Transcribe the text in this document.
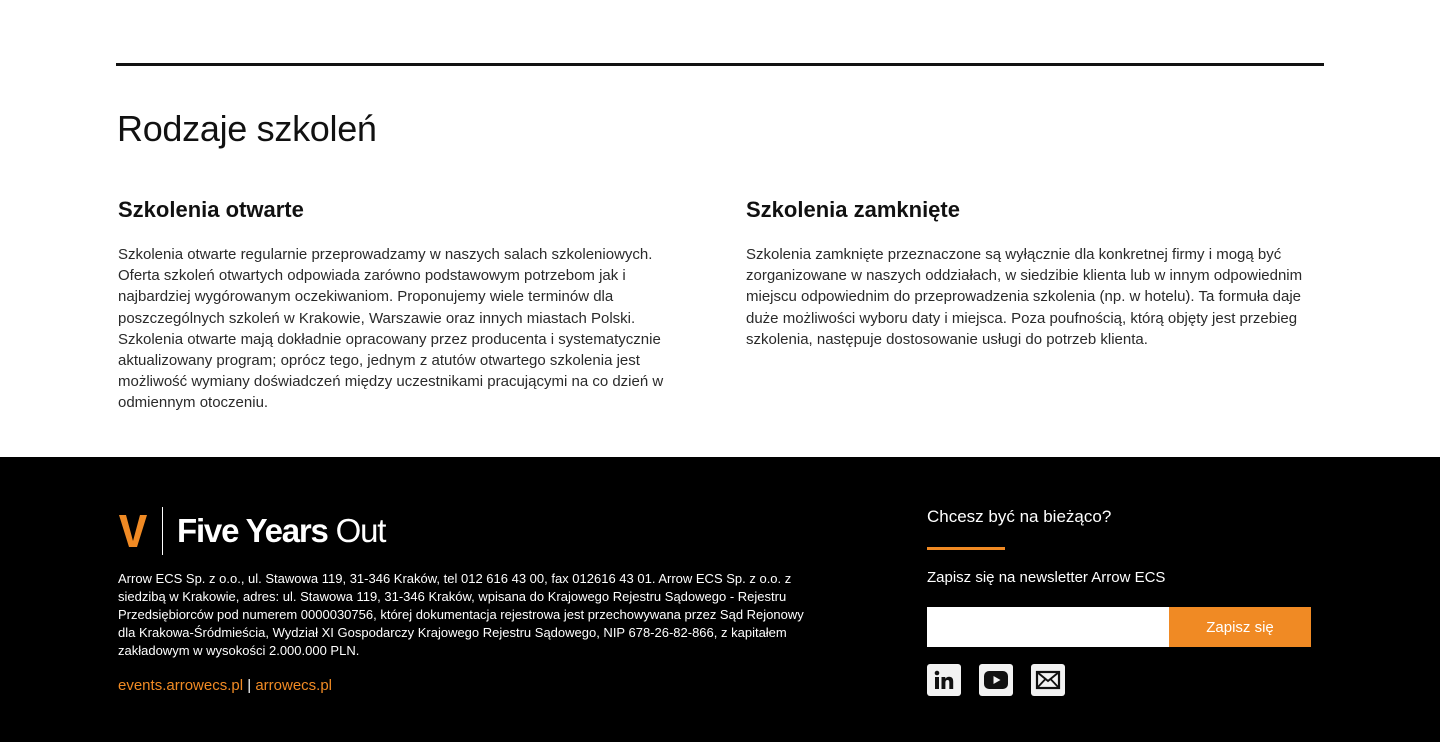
Rodzaje szkoleń
Szkolenia otwarte

Szkolenia otwarte regularnie przeprowadzamy w naszych salach szkoleniowych. Oferta szkoleń otwartych odpowiada zarówno podstawowym potrzebom jak i najbardziej wygórowanym oczekiwaniom. Proponujemy wiele terminów dla poszczególnych szkoleń w Krakowie, Warszawie oraz innych miastach Polski. Szkolenia otwarte mają dokładnie opracowany przez producenta i systematycznie aktualizowany program; oprócz tego, jednym z atutów otwartego szkolenia jest możliwość wymiany doświadczeń między uczestnikami pracującymi na co dzień w odmiennym otoczeniu.

Szkolenia zamknięte

Szkolenia zamknięte przeznaczone są wyłącznie dla konkretnej firmy i mogą być zorganizowane w naszych oddziałach, w siedzibie klienta lub w innym odpowiednim miejscu odpowiednim do przeprowadzenia szkolenia (np. w hotelu). Ta formuła daje duże możliwości wyboru daty i miejsca. Poza poufnością, którą objęty jest przebieg szkolenia, następuje dostosowanie usługi do potrzeb klienta.

Five Years Out

Arrow ECS Sp. z o.o., ul. Stawowa 119, 31-346 Kraków, tel 012 616 43 00, fax 012616 43 01. Arrow ECS Sp. z o.o. z siedzibą w Krakowie, adres: ul. Stawowa 119, 31-346 Kraków, wpisana do Krajowego Rejestru Sądowego - Rejestru Przedsiębiorców pod numerem 0000030756, której dokumentacja rejestrowa jest przechowywana przez Sąd Rejonowy dla Krakowa-Śródmieścia, Wydział XI Gospodarczy Krajowego Rejestru Sądowego, NIP 678-26-82-866, z kapitałem zakładowym w wysokości 2.000.000 PLN.

events.arrowecs.pl | arrowecs.pl
Chcesz być na bieżąco?
Zapisz się na newsletter Arrow ECS
Zapisz się
